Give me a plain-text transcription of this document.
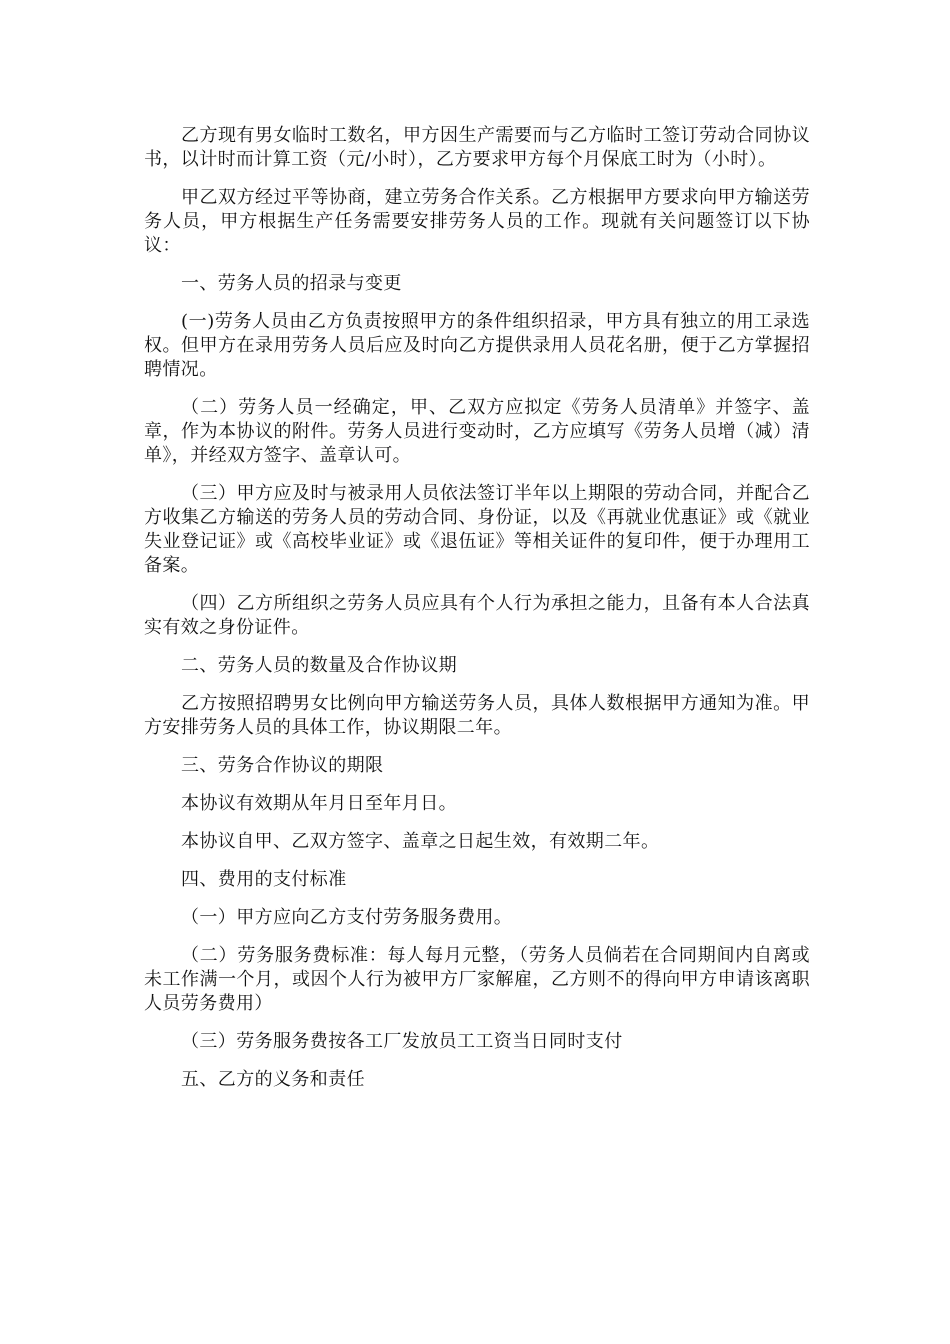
乙方现有男女临时工数名，甲方因生产需要而与乙方临时工签订劳动合同协议书，以计时而计算工资（元/小时），乙方要求甲方每个月保底工时为（小时）。

甲乙双方经过平等协商，建立劳务合作关系。乙方根据甲方要求向甲方输送劳务人员，甲方根据生产任务需要安排劳务人员的工作。现就有关问题签订以下协议：

一、劳务人员的招录与变更

(一)劳务人员由乙方负责按照甲方的条件组织招录，甲方具有独立的用工录选权。但甲方在录用劳务人员后应及时向乙方提供录用人员花名册，便于乙方掌握招聘情况。

（二）劳务人员一经确定，甲、乙双方应拟定《劳务人员清单》并签字、盖章，作为本协议的附件。劳务人员进行变动时，乙方应填写《劳务人员增（减）清单》，并经双方签字、盖章认可。

（三）甲方应及时与被录用人员依法签订半年以上期限的劳动合同，并配合乙方收集乙方输送的劳务人员的劳动合同、身份证，以及《再就业优惠证》或《就业失业登记证》或《高校毕业证》或《退伍证》等相关证件的复印件，便于办理用工备案。

（四）乙方所组织之劳务人员应具有个人行为承担之能力，且备有本人合法真实有效之身份证件。

二、劳务人员的数量及合作协议期

乙方按照招聘男女比例向甲方输送劳务人员，具体人数根据甲方通知为准。甲方安排劳务人员的具体工作，协议期限二年。

三、劳务合作协议的期限

本协议有效期从年月日至年月日。

本协议自甲、乙双方签字、盖章之日起生效，有效期二年。

四、费用的支付标准

（一）甲方应向乙方支付劳务服务费用。

（二）劳务服务费标准：每人每月元整，（劳务人员倘若在合同期间内自离或未工作满一个月，或因个人行为被甲方厂家解雇，乙方则不的得向甲方申请该离职人员劳务费用）

（三）劳务服务费按各工厂发放员工工资当日同时支付

五、乙方的义务和责任
